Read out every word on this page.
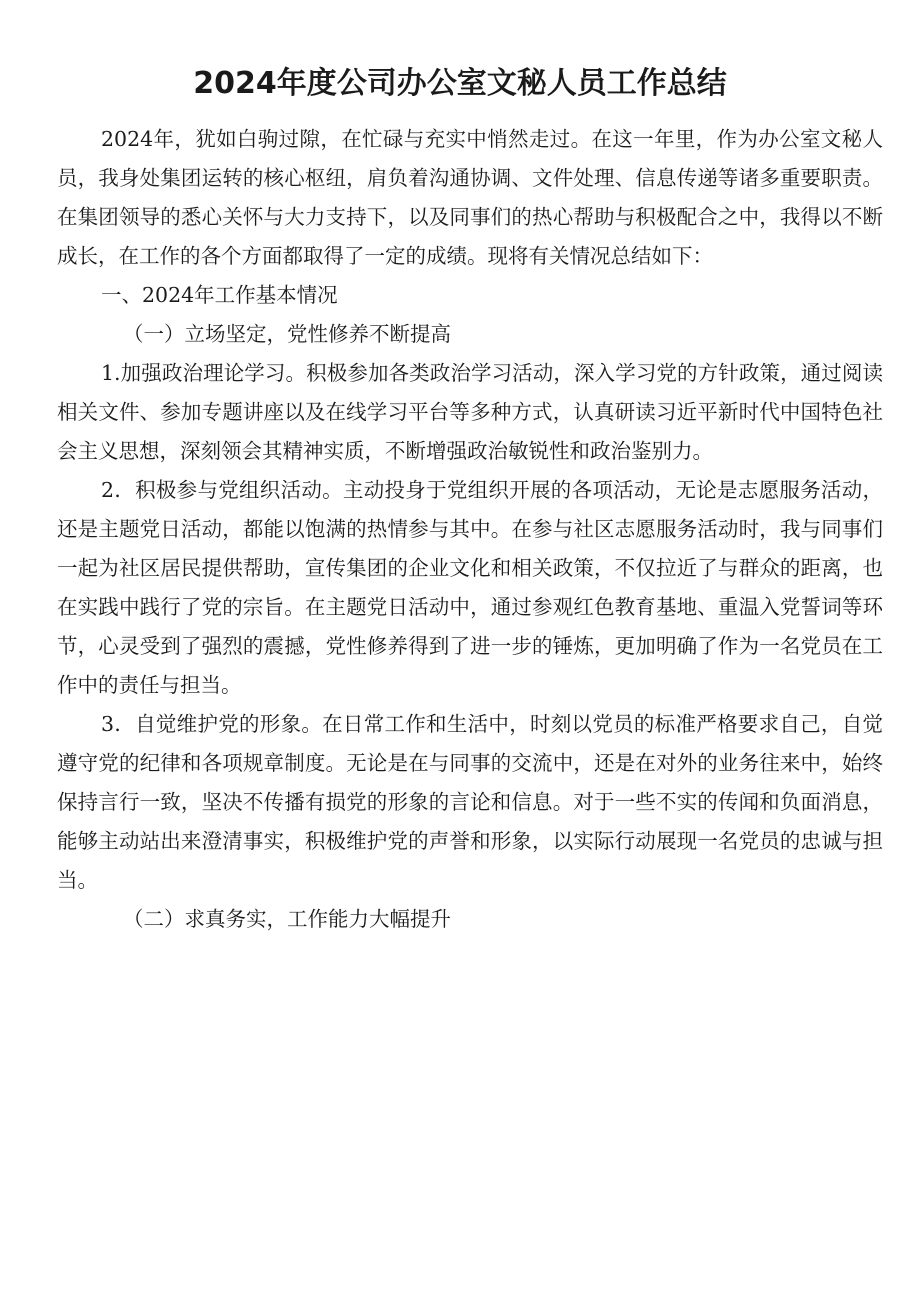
2024年度公司办公室文秘人员工作总结

2024年，犹如白驹过隙，在忙碌与充实中悄然走过。在这一年里，作为办公室文秘人员，我身处集团运转的核心枢纽，肩负着沟通协调、文件处理、信息传递等诸多重要职责。在集团领导的悉心关怀与大力支持下，以及同事们的热心帮助与积极配合之中，我得以不断成长，在工作的各个方面都取得了一定的成绩。现将有关情况总结如下：

一、2024年工作基本情况

（一）立场坚定，党性修养不断提高

1.加强政治理论学习。积极参加各类政治学习活动，深入学习党的方针政策，通过阅读相关文件、参加专题讲座以及在线学习平台等多种方式，认真研读习近平新时代中国特色社会主义思想，深刻领会其精神实质，不断增强政治敏锐性和政治鉴别力。

2．积极参与党组织活动。主动投身于党组织开展的各项活动，无论是志愿服务活动，还是主题党日活动，都能以饱满的热情参与其中。在参与社区志愿服务活动时，我与同事们一起为社区居民提供帮助，宣传集团的企业文化和相关政策，不仅拉近了与群众的距离，也在实践中践行了党的宗旨。在主题党日活动中，通过参观红色教育基地、重温入党誓词等环节，心灵受到了强烈的震撼，党性修养得到了进一步的锤炼，更加明确了作为一名党员在工作中的责任与担当。

3．自觉维护党的形象。在日常工作和生活中，时刻以党员的标准严格要求自己，自觉遵守党的纪律和各项规章制度。无论是在与同事的交流中，还是在对外的业务往来中，始终保持言行一致，坚决不传播有损党的形象的言论和信息。对于一些不实的传闻和负面消息，能够主动站出来澄清事实，积极维护党的声誉和形象，以实际行动展现一名党员的忠诚与担当。

（二）求真务实，工作能力大幅提升
